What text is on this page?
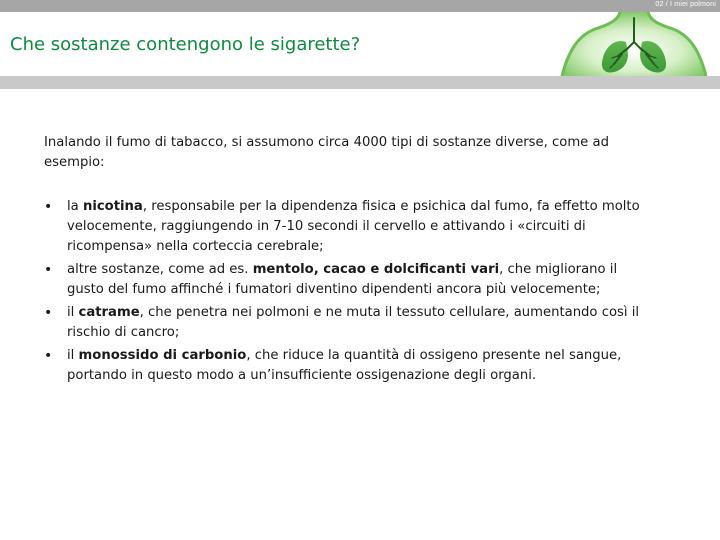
02 / I miei polmoni
Che sostanze contengono le sigarette?

Inalando il fumo di tabacco, si assumono circa 4000 tipi di sostanze diverse, come ad esempio:

• la nicotina, responsabile per la dipendenza fisica e psichica dal fumo, fa effetto molto velocemente, raggiungendo in 7-10 secondi il cervello e attivando i «circuiti di ricompensa» nella corteccia cerebrale;
• altre sostanze, come ad es. mentolo, cacao e dolcificanti vari, che migliorano il gusto del fumo affinché i fumatori diventino dipendenti ancora più velocemente;
• il catrame, che penetra nei polmoni e ne muta il tessuto cellulare, aumentando così il rischio di cancro;
• il monossido di carbonio, che riduce la quantità di ossigeno presente nel sangue, portando in questo modo a un’insufficiente ossigenazione degli organi.
